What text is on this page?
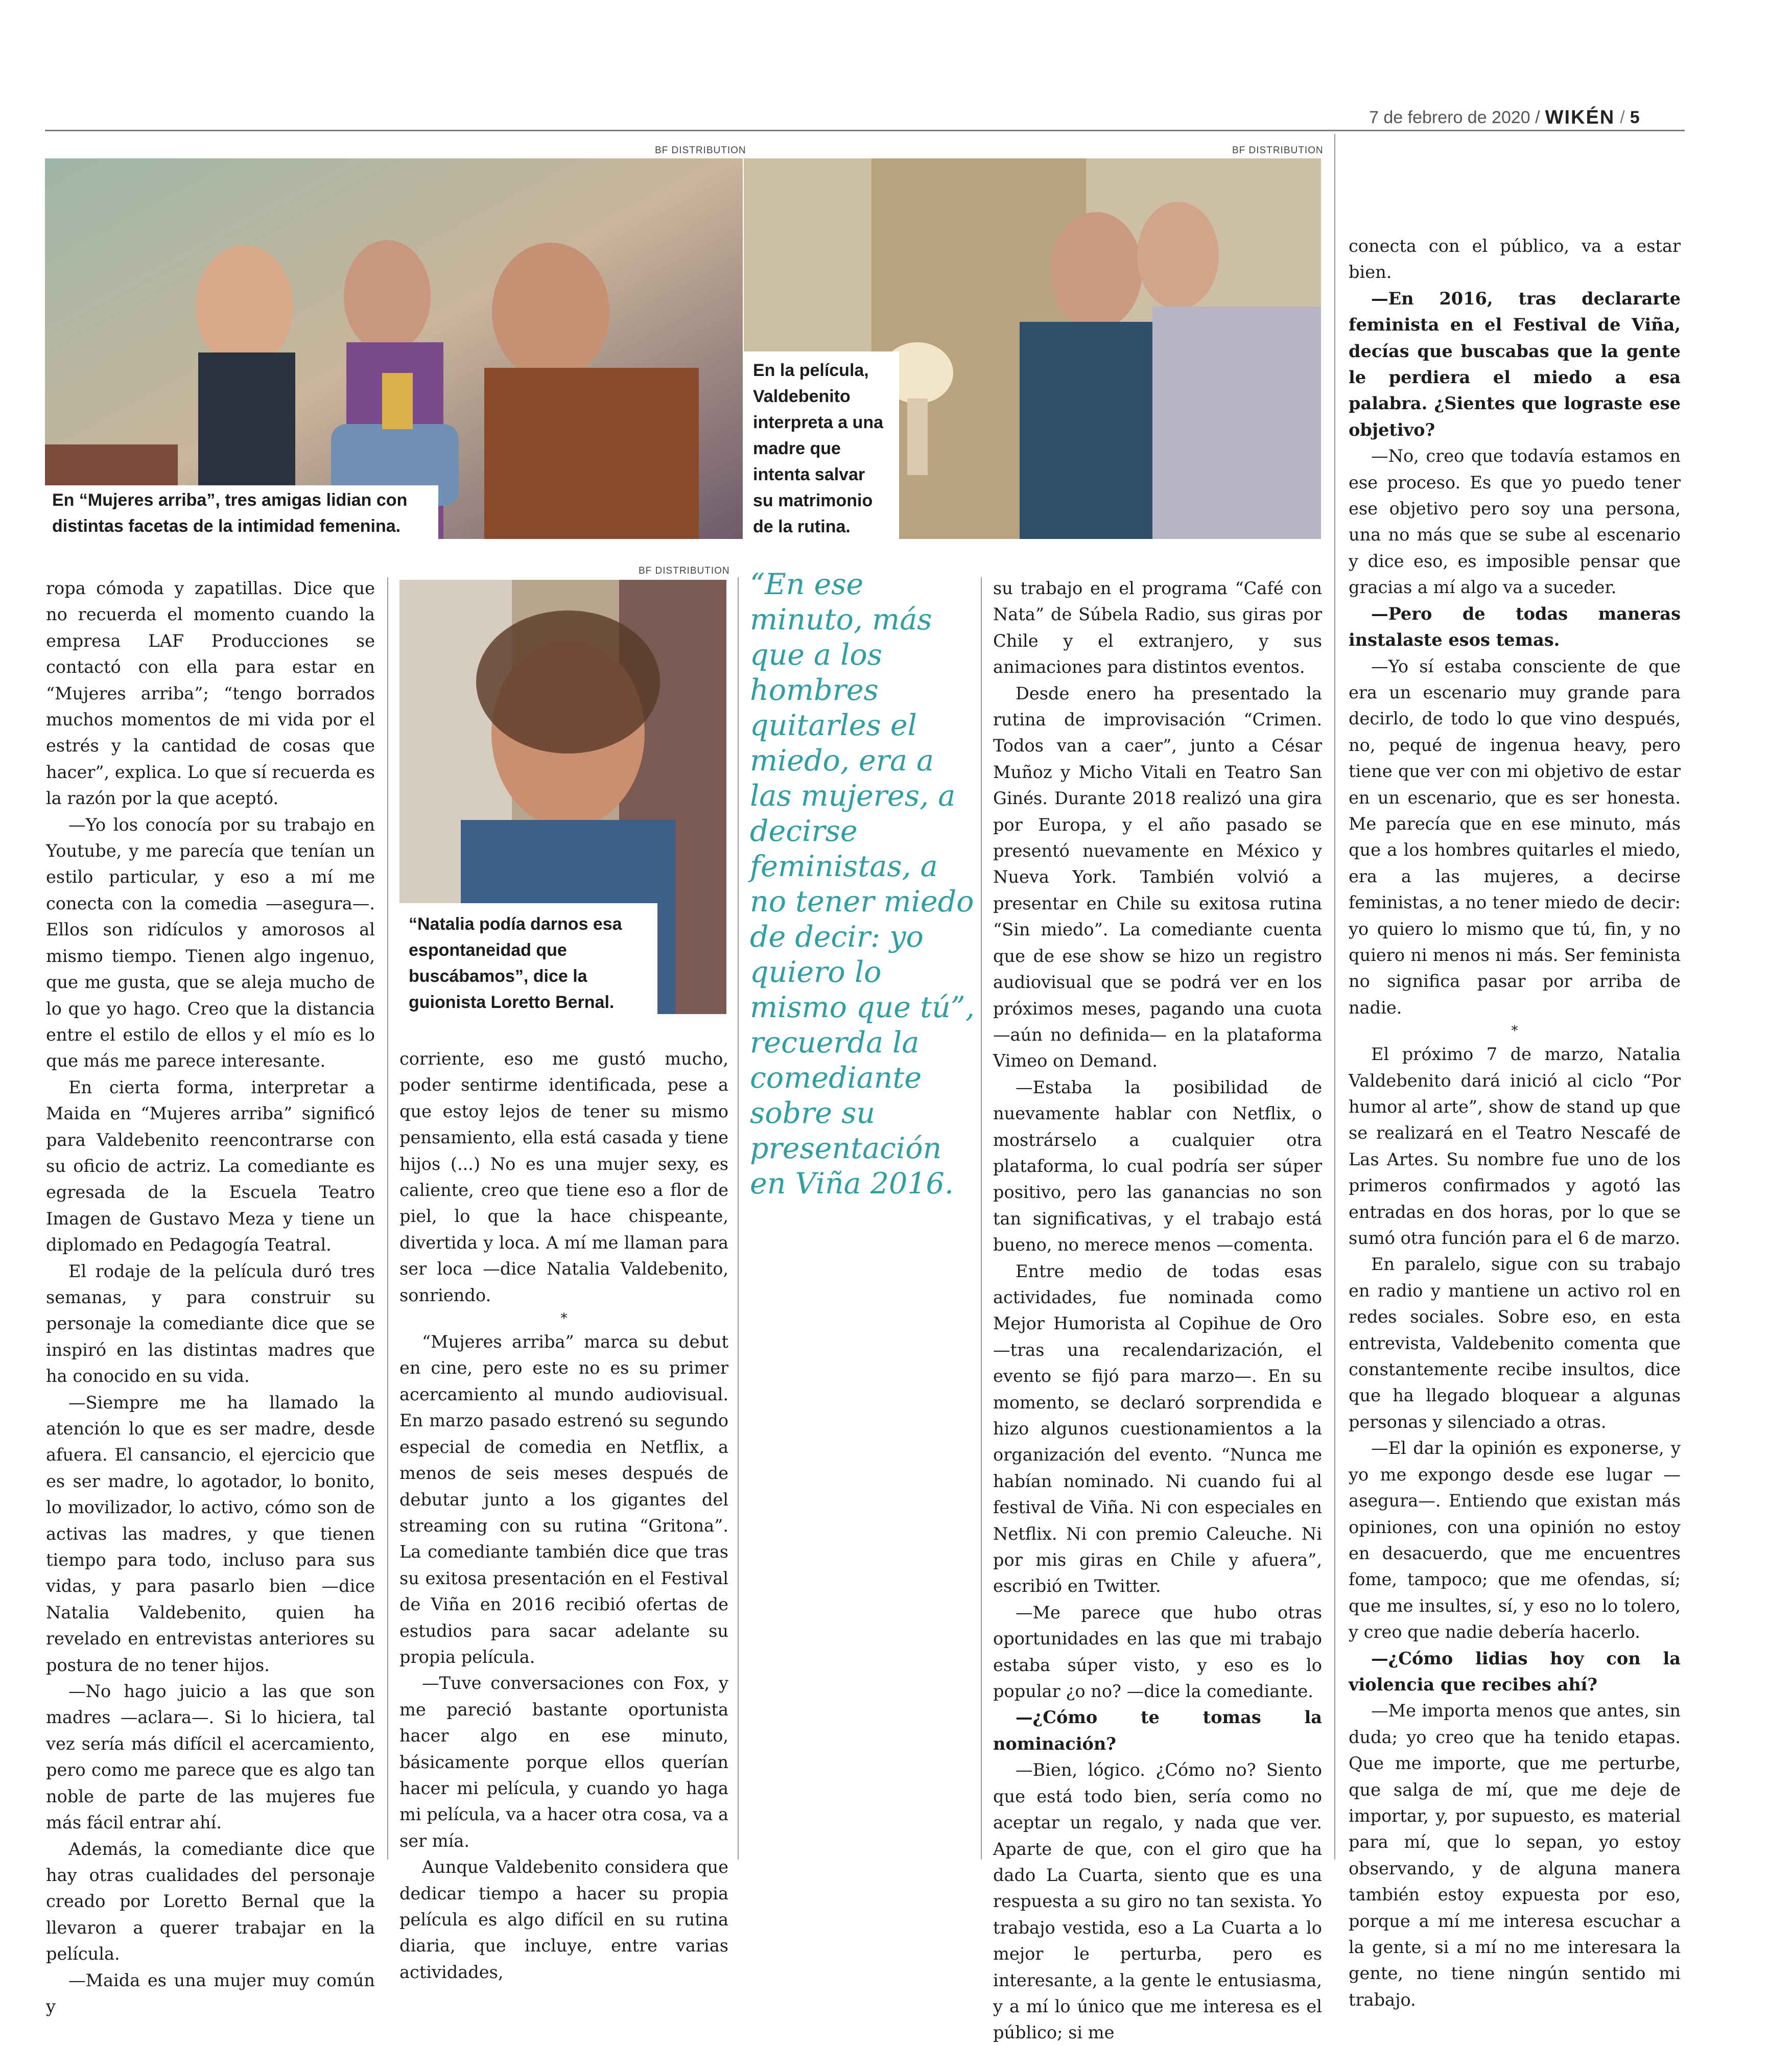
7 de febrero de 2020 / WIKÉN / 5
BF DISTRIBUTION
En “Mujeres arriba”, tres amigas lidian con distintas facetas de la intimidad femenina.
BF DISTRIBUTION
En la película, Valdebenito interpreta a una madre que intenta salvar su matrimonio de la rutina.
BF DISTRIBUTION
“Natalia podía darnos esa espontaneidad que buscábamos”, dice la guionista Loretto Bernal.

ropa cómoda y zapatillas. Dice que no recuerda el momento cuando la empresa LAF Producciones se contactó con ella para estar en “Mujeres arriba”; “tengo borrados muchos momentos de mi vida por el estrés y la cantidad de cosas que hacer”, explica. Lo que sí recuerda es la razón por la que aceptó.

—Yo los conocía por su trabajo en Youtube, y me parecía que tenían un estilo particular, y eso a mí me conecta con la comedia —asegura—. Ellos son ridículos y amorosos al mismo tiempo. Tienen algo ingenuo, que me gusta, que se aleja mucho de lo que yo hago. Creo que la distancia entre el estilo de ellos y el mío es lo que más me parece interesante.

En cierta forma, interpretar a Maida en “Mujeres arriba” significó para Valdebenito reencontrarse con su oficio de actriz. La comediante es egresada de la Escuela Teatro Imagen de Gustavo Meza y tiene un diplomado en Pedagogía Teatral.

El rodaje de la película duró tres semanas, y para construir su personaje la comediante dice que se inspiró en las distintas madres que ha conocido en su vida.

—Siempre me ha llamado la atención lo que es ser madre, desde afuera. El cansancio, el ejercicio que es ser madre, lo agotador, lo bonito, lo movilizador, lo activo, cómo son de activas las madres, y que tienen tiempo para todo, incluso para sus vidas, y para pasarlo bien —dice Natalia Valdebenito, quien ha revelado en entrevistas anteriores su postura de no tener hijos.

—No hago juicio a las que son madres —aclara—. Si lo hiciera, tal vez sería más difícil el acercamiento, pero como me parece que es algo tan noble de parte de las mujeres fue más fácil entrar ahí.

Además, la comediante dice que hay otras cualidades del personaje creado por Loretto Bernal que la llevaron a querer trabajar en la película.

—Maida es una mujer muy común y

corriente, eso me gustó mucho, poder sentirme identificada, pese a que estoy lejos de tener su mismo pensamiento, ella está casada y tiene hijos (...) No es una mujer sexy, es caliente, creo que tiene eso a flor de piel, lo que la hace chispeante, divertida y loca. A mí me llaman para ser loca —dice Natalia Valdebenito, sonriendo.

*

“Mujeres arriba” marca su debut en cine, pero este no es su primer acercamiento al mundo audiovisual. En marzo pasado estrenó su segundo especial de comedia en Netflix, a menos de seis meses después de debutar junto a los gigantes del streaming con su rutina “Gritona”. La comediante también dice que tras su exitosa presentación en el Festival de Viña en 2016 recibió ofertas de estudios para sacar adelante su propia película.

—Tuve conversaciones con Fox, y me pareció bastante oportunista hacer algo en ese minuto, básicamente porque ellos querían hacer mi película, y cuando yo haga mi película, va a hacer otra cosa, va a ser mía.

Aunque Valdebenito considera que dedicar tiempo a hacer su propia película es algo difícil en su rutina diaria, que incluye, entre varias actividades,

“En ese minuto, más que a los hombres quitarles el miedo, era a las mujeres, a decirse feministas, a no tener miedo de decir: yo quiero lo mismo que tú”, recuerda la comediante sobre su presentación en Viña 2016.

su trabajo en el programa “Café con Nata” de Súbela Radio, sus giras por Chile y el extranjero, y sus animaciones para distintos eventos.

Desde enero ha presentado la rutina de improvisación “Crimen. Todos van a caer”, junto a César Muñoz y Micho Vitali en Teatro San Ginés. Durante 2018 realizó una gira por Europa, y el año pasado se presentó nuevamente en México y Nueva York. También volvió a presentar en Chile su exitosa rutina “Sin miedo”. La comediante cuenta que de ese show se hizo un registro audiovisual que se podrá ver en los próximos meses, pagando una cuota —aún no definida— en la plataforma Vimeo on Demand.

—Estaba la posibilidad de nuevamente hablar con Netflix, o mostrárselo a cualquier otra plataforma, lo cual podría ser súper positivo, pero las ganancias no son tan significativas, y el trabajo está bueno, no merece menos —comenta.

Entre medio de todas esas actividades, fue nominada como Mejor Humorista al Copihue de Oro —tras una recalendarización, el evento se fijó para marzo—. En su momento, se declaró sorprendida e hizo algunos cuestionamientos a la organización del evento. “Nunca me habían nominado. Ni cuando fui al festival de Viña. Ni con especiales en Netflix. Ni con premio Caleuche. Ni por mis giras en Chile y afuera”, escribió en Twitter.

—Me parece que hubo otras oportunidades en las que mi trabajo estaba súper visto, y eso es lo popular ¿o no? —dice la comediante.

—¿Cómo te tomas la nominación?

—Bien, lógico. ¿Cómo no? Siento que está todo bien, sería como no aceptar un regalo, y nada que ver. Aparte de que, con el giro que ha dado La Cuarta, siento que es una respuesta a su giro no tan sexista. Yo trabajo vestida, eso a La Cuarta a lo mejor le perturba, pero es interesante, a la gente le entusiasma, y a mí lo único que me interesa es el público; si me

conecta con el público, va a estar bien.

—En 2016, tras declararte feminista en el Festival de Viña, decías que buscabas que la gente le perdiera el miedo a esa palabra. ¿Sientes que lograste ese objetivo?

—No, creo que todavía estamos en ese proceso. Es que yo puedo tener ese objetivo pero soy una persona, una no más que se sube al escenario y dice eso, es imposible pensar que gracias a mí algo va a suceder.

—Pero de todas maneras instalaste esos temas.

—Yo sí estaba consciente de que era un escenario muy grande para decirlo, de todo lo que vino después, no, pequé de ingenua heavy, pero tiene que ver con mi objetivo de estar en un escenario, que es ser honesta. Me parecía que en ese minuto, más que a los hombres quitarles el miedo, era a las mujeres, a decirse feministas, a no tener miedo de decir: yo quiero lo mismo que tú, fin, y no quiero ni menos ni más. Ser feminista no significa pasar por arriba de nadie.

*

El próximo 7 de marzo, Natalia Valdebenito dará inició al ciclo “Por humor al arte”, show de stand up que se realizará en el Teatro Nescafé de Las Artes. Su nombre fue uno de los primeros confirmados y agotó las entradas en dos horas, por lo que se sumó otra función para el 6 de marzo.

En paralelo, sigue con su trabajo en radio y mantiene un activo rol en redes sociales. Sobre eso, en esta entrevista, Valdebenito comenta que constantemente recibe insultos, dice que ha llegado bloquear a algunas personas y silenciado a otras.

—El dar la opinión es exponerse, y yo me expongo desde ese lugar —asegura—. Entiendo que existan más opiniones, con una opinión no estoy en desacuerdo, que me encuentres fome, tampoco; que me ofendas, sí; que me insultes, sí, y eso no lo tolero, y creo que nadie debería hacerlo.

—¿Cómo lidias hoy con la violencia que recibes ahí?

—Me importa menos que antes, sin duda; yo creo que ha tenido etapas. Que me importe, que me perturbe, que salga de mí, que me deje de importar, y, por supuesto, es material para mí, que lo sepan, yo estoy observando, y de alguna manera también estoy expuesta por eso, porque a mí me interesa escuchar a la gente, si a mí no me interesara la gente, no tiene ningún sentido mi trabajo.
